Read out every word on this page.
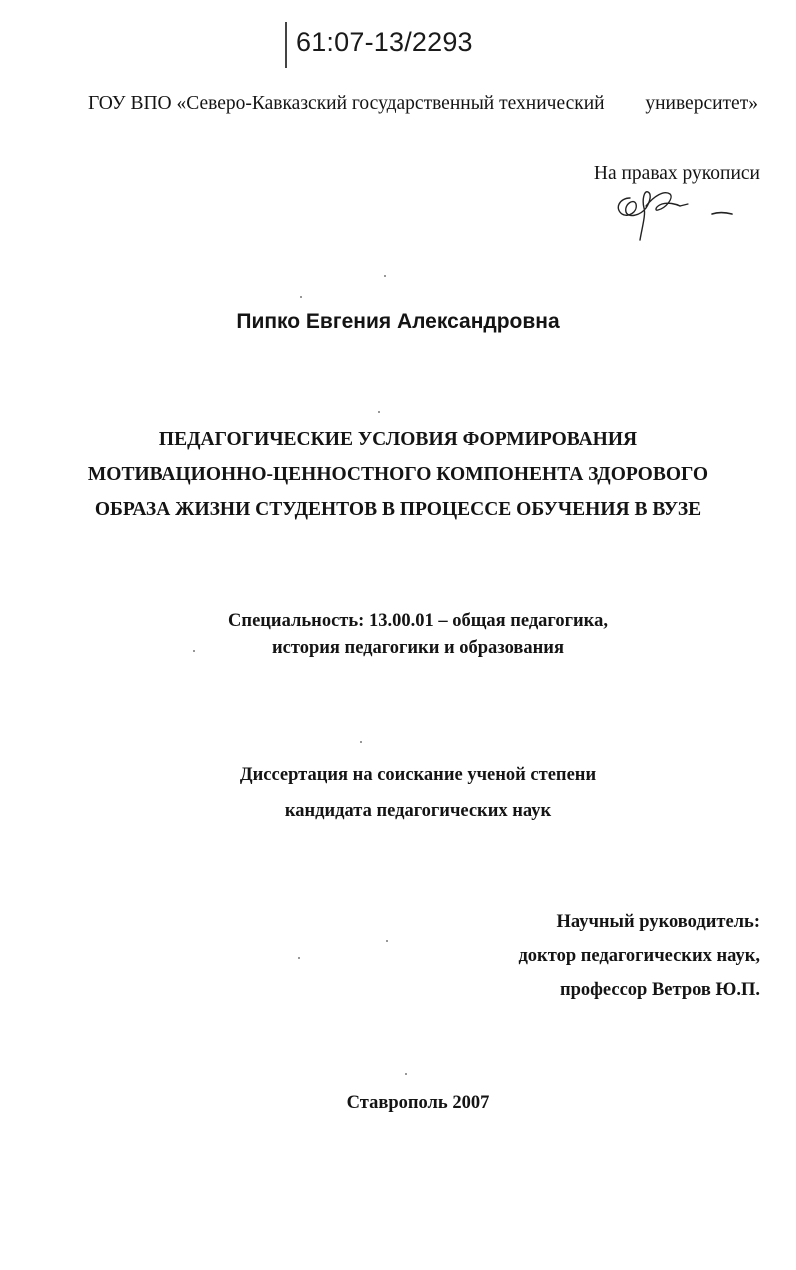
61:07-13/2293
ГОУ ВПО «Северо-Кавказский государственный технический университет»
На правах рукописи
Пипко Евгения Александровна
ПЕДАГОГИЧЕСКИЕ УСЛОВИЯ ФОРМИРОВАНИЯ
МОТИВАЦИОННО-ЦЕННОСТНОГО КОМПОНЕНТА ЗДОРОВОГО
ОБРАЗА ЖИЗНИ СТУДЕНТОВ В ПРОЦЕССЕ ОБУЧЕНИЯ В ВУЗЕ
Специальность: 13.00.01 – общая педагогика,
история педагогики и образования
Диссертация на соискание ученой степени
кандидата педагогических наук
Научный руководитель:
доктор педагогических наук,
профессор Ветров Ю.П.
Ставрополь 2007
